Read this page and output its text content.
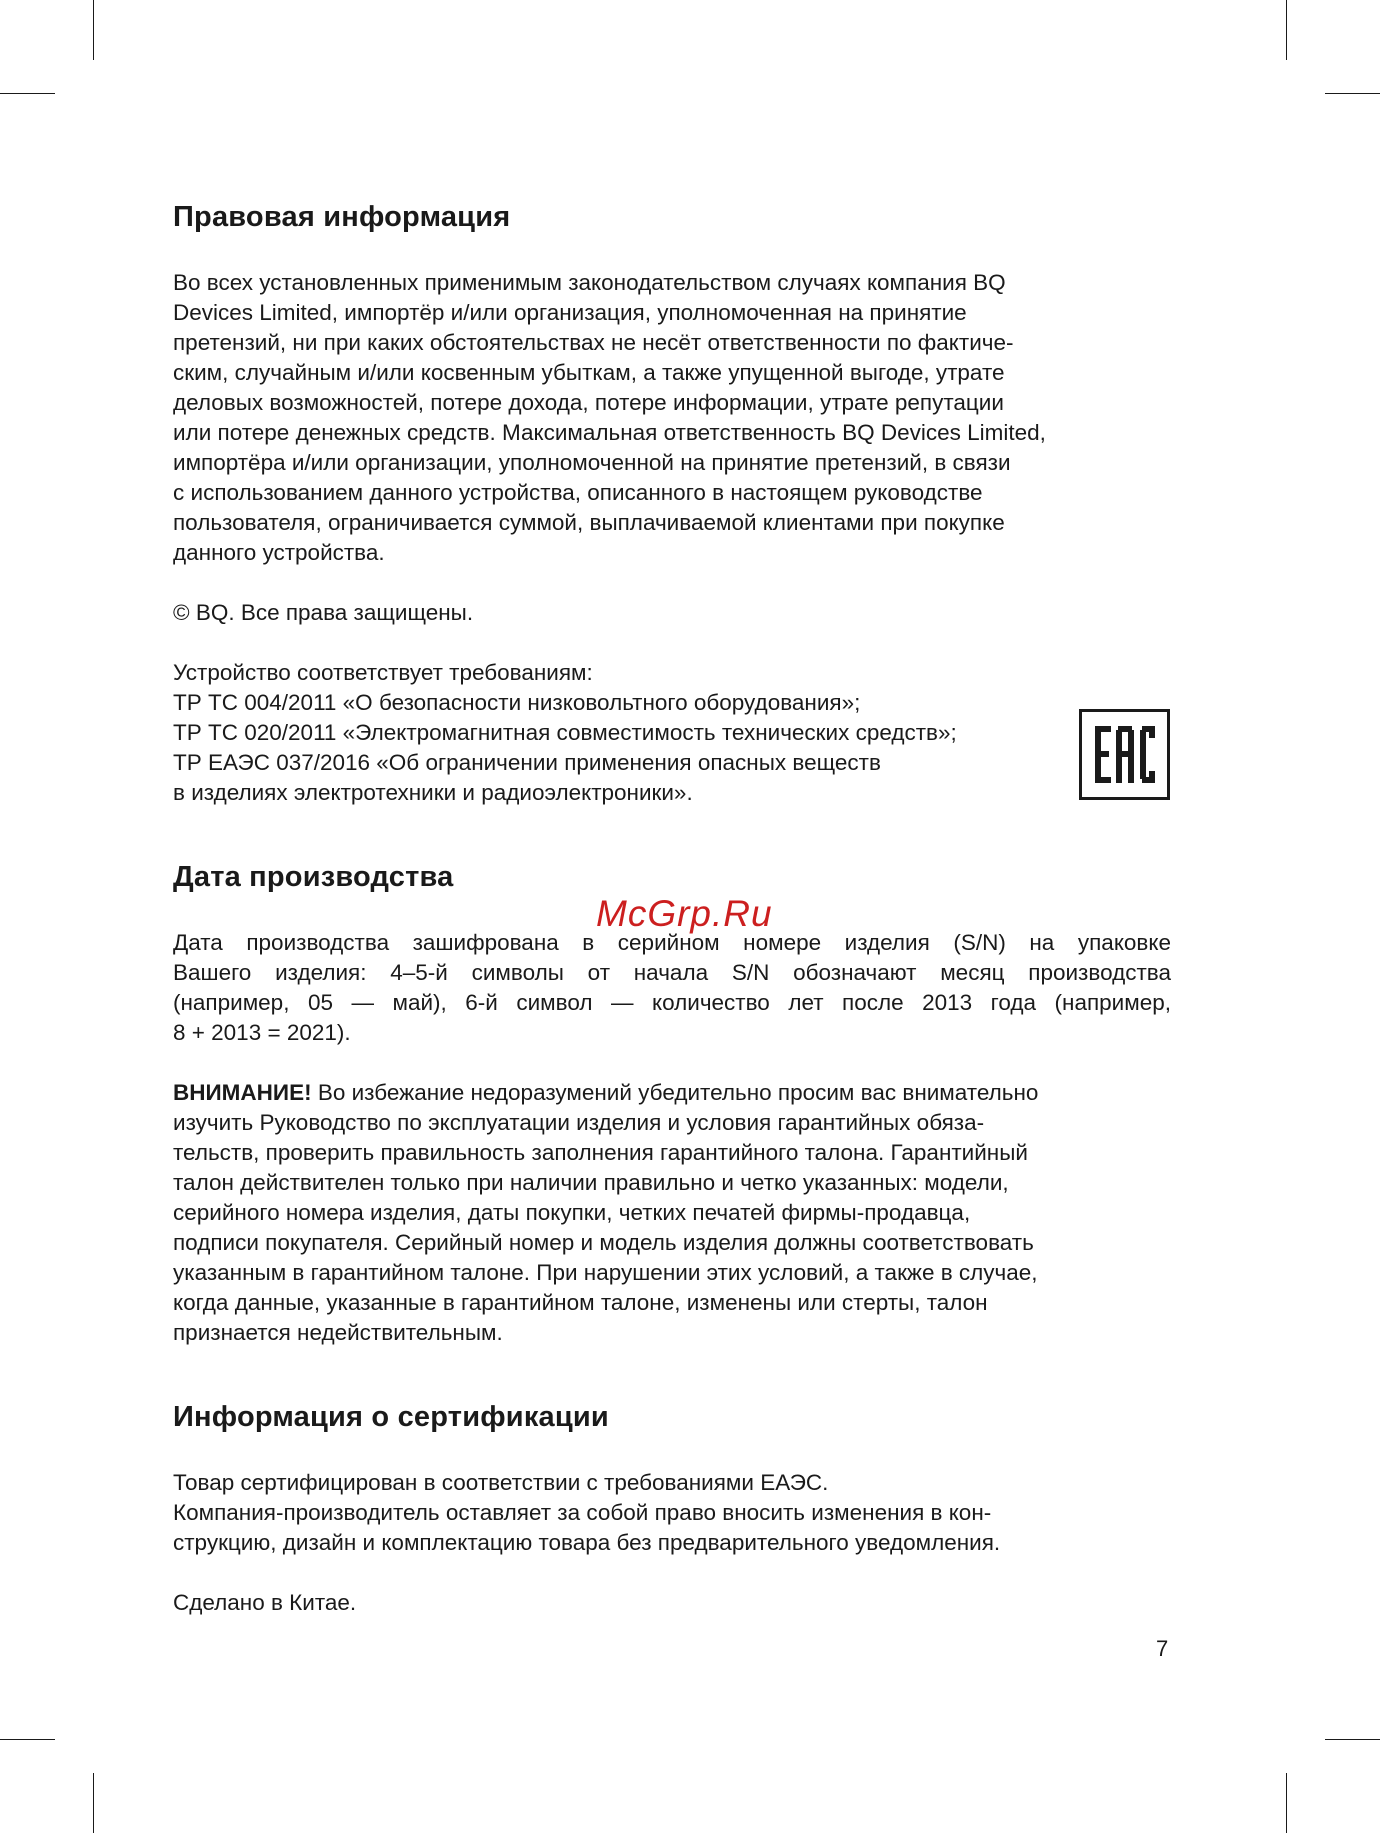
Правовая информация
Во всех установленных применимым законодательством случаях компания BQ
Devices Limited, импортёр и/или организация, уполномоченная на принятие
претензий, ни при каких обстоятельствах не несёт ответственности по фактиче-
ским, случайным и/или косвенным убыткам, а также упущенной выгоде, утрате
деловых возможностей, потере дохода, потере информации, утрате репутации
или потере денежных средств. Максимальная ответственность BQ Devices Limited,
импортёра и/или организации, уполномоченной на принятие претензий, в связи
с использованием данного устройства, описанного в настоящем руководстве
пользователя, ограничивается суммой, выплачиваемой клиентами при покупке
данного устройства.
© BQ. Все права защищены.
Устройство соответствует требованиям:
ТР ТС 004/2011 «О безопасности низковольтного оборудования»;
ТР ТС 020/2011 «Электромагнитная совместимость технических средств»;
ТР ЕАЭС 037/2016 «Об ограничении применения опасных веществ
в изделиях электротехники и радиоэлектроники».
Дата производства
Дата производства зашифрована в серийном номере изделия (S/N) на упаковке
Вашего изделия: 4–5-й символы от начала S/N обозначают месяц производства
(например, 05 — май), 6-й символ — количество лет после 2013 года (например,
8 + 2013 = 2021).
ВНИМАНИЕ! Во избежание недоразумений убедительно просим вас внимательно
изучить Руководство по эксплуатации изделия и условия гарантийных обяза-
тельств, проверить правильность заполнения гарантийного талона. Гарантийный
талон действителен только при наличии правильно и четко указанных: модели,
серийного номера изделия, даты покупки, четких печатей фирмы-продавца,
подписи покупателя. Серийный номер и модель изделия должны соответствовать
указанным в гарантийном талоне. При нарушении этих условий, а также в случае,
когда данные, указанные в гарантийном талоне, изменены или стерты, талон
признается недействительным.
Информация о сертификации
Товар сертифицирован в соответствии с требованиями ЕАЭС.
Компания-производитель оставляет за собой право вносить изменения в кон-
струкцию, дизайн и комплектацию товара без предварительного уведомления.
Сделано в Китае.
McGrp.Ru
7
